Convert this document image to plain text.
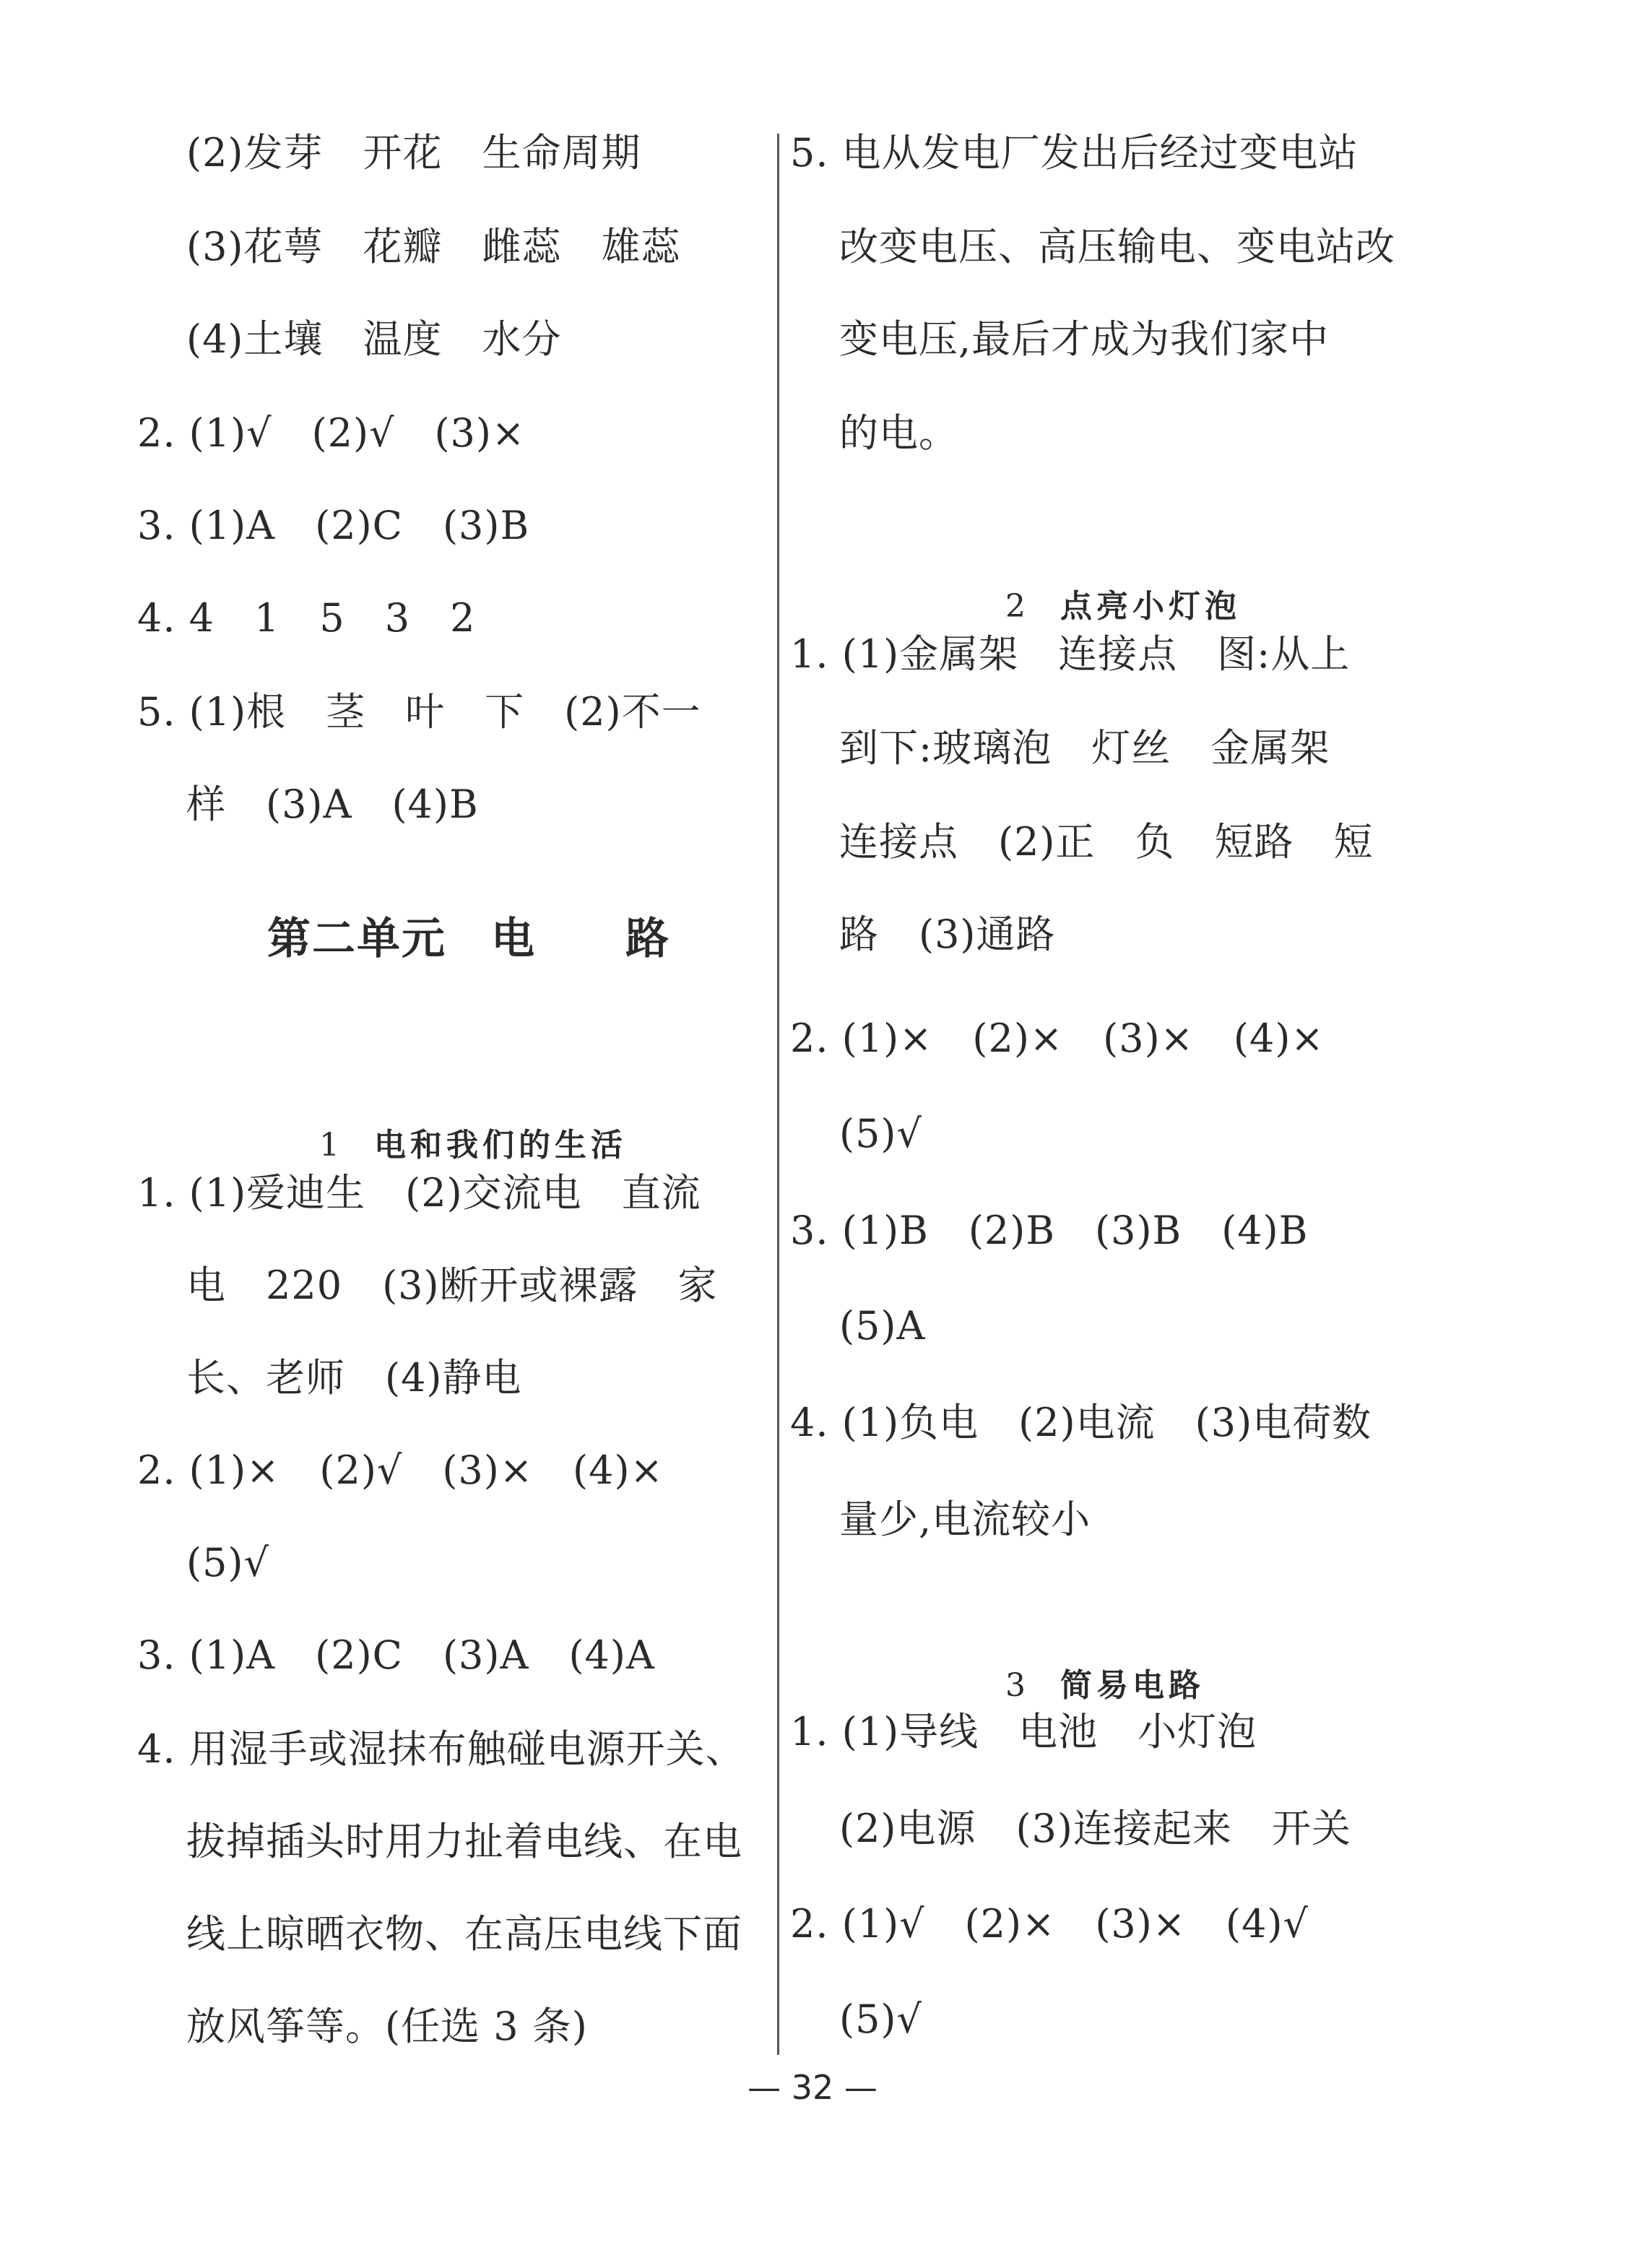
(2)发芽　开花　生命周期
(3)花萼　花瓣　雌蕊　雄蕊
(4)土壤　温度　水分
2. (1)√　(2)√　(3)×
3. (1)A　(2)C　(3)B
4. 4　1　5　3　2
5. (1)根　茎　叶　下　(2)不一
样　(3)A　(4)B
第二单元　电　　路

1 电和我们的生活

1. (1)爱迪生　(2)交流电　直流
电　220　(3)断开或裸露　家
长、老师　(4)静电
2. (1)×　(2)√　(3)×　(4)×
(5)√
3. (1)A　(2)C　(3)A　(4)A
4. 用湿手或湿抹布触碰电源开关、
拔掉插头时用力扯着电线、在电
线上晾晒衣物、在高压电线下面
放风筝等。(任选 3 条)
5. 电从发电厂发出后经过变电站
改变电压、高压输电、变电站改
变电压,最后才成为我们家中
的电。

2 点亮小灯泡

1. (1)金属架　连接点　图:从上
到下:玻璃泡　灯丝　金属架
连接点　(2)正　负　短路　短
路　(3)通路
2. (1)×　(2)×　(3)×　(4)×
(5)√
3. (1)B　(2)B　(3)B　(4)B
(5)A
4. (1)负电　(2)电流　(3)电荷数
量少,电流较小

3 简易电路

1. (1)导线　电池　小灯泡
(2)电源　(3)连接起来　开关
2. (1)√　(2)×　(3)×　(4)√
(5)√
— 32 —
